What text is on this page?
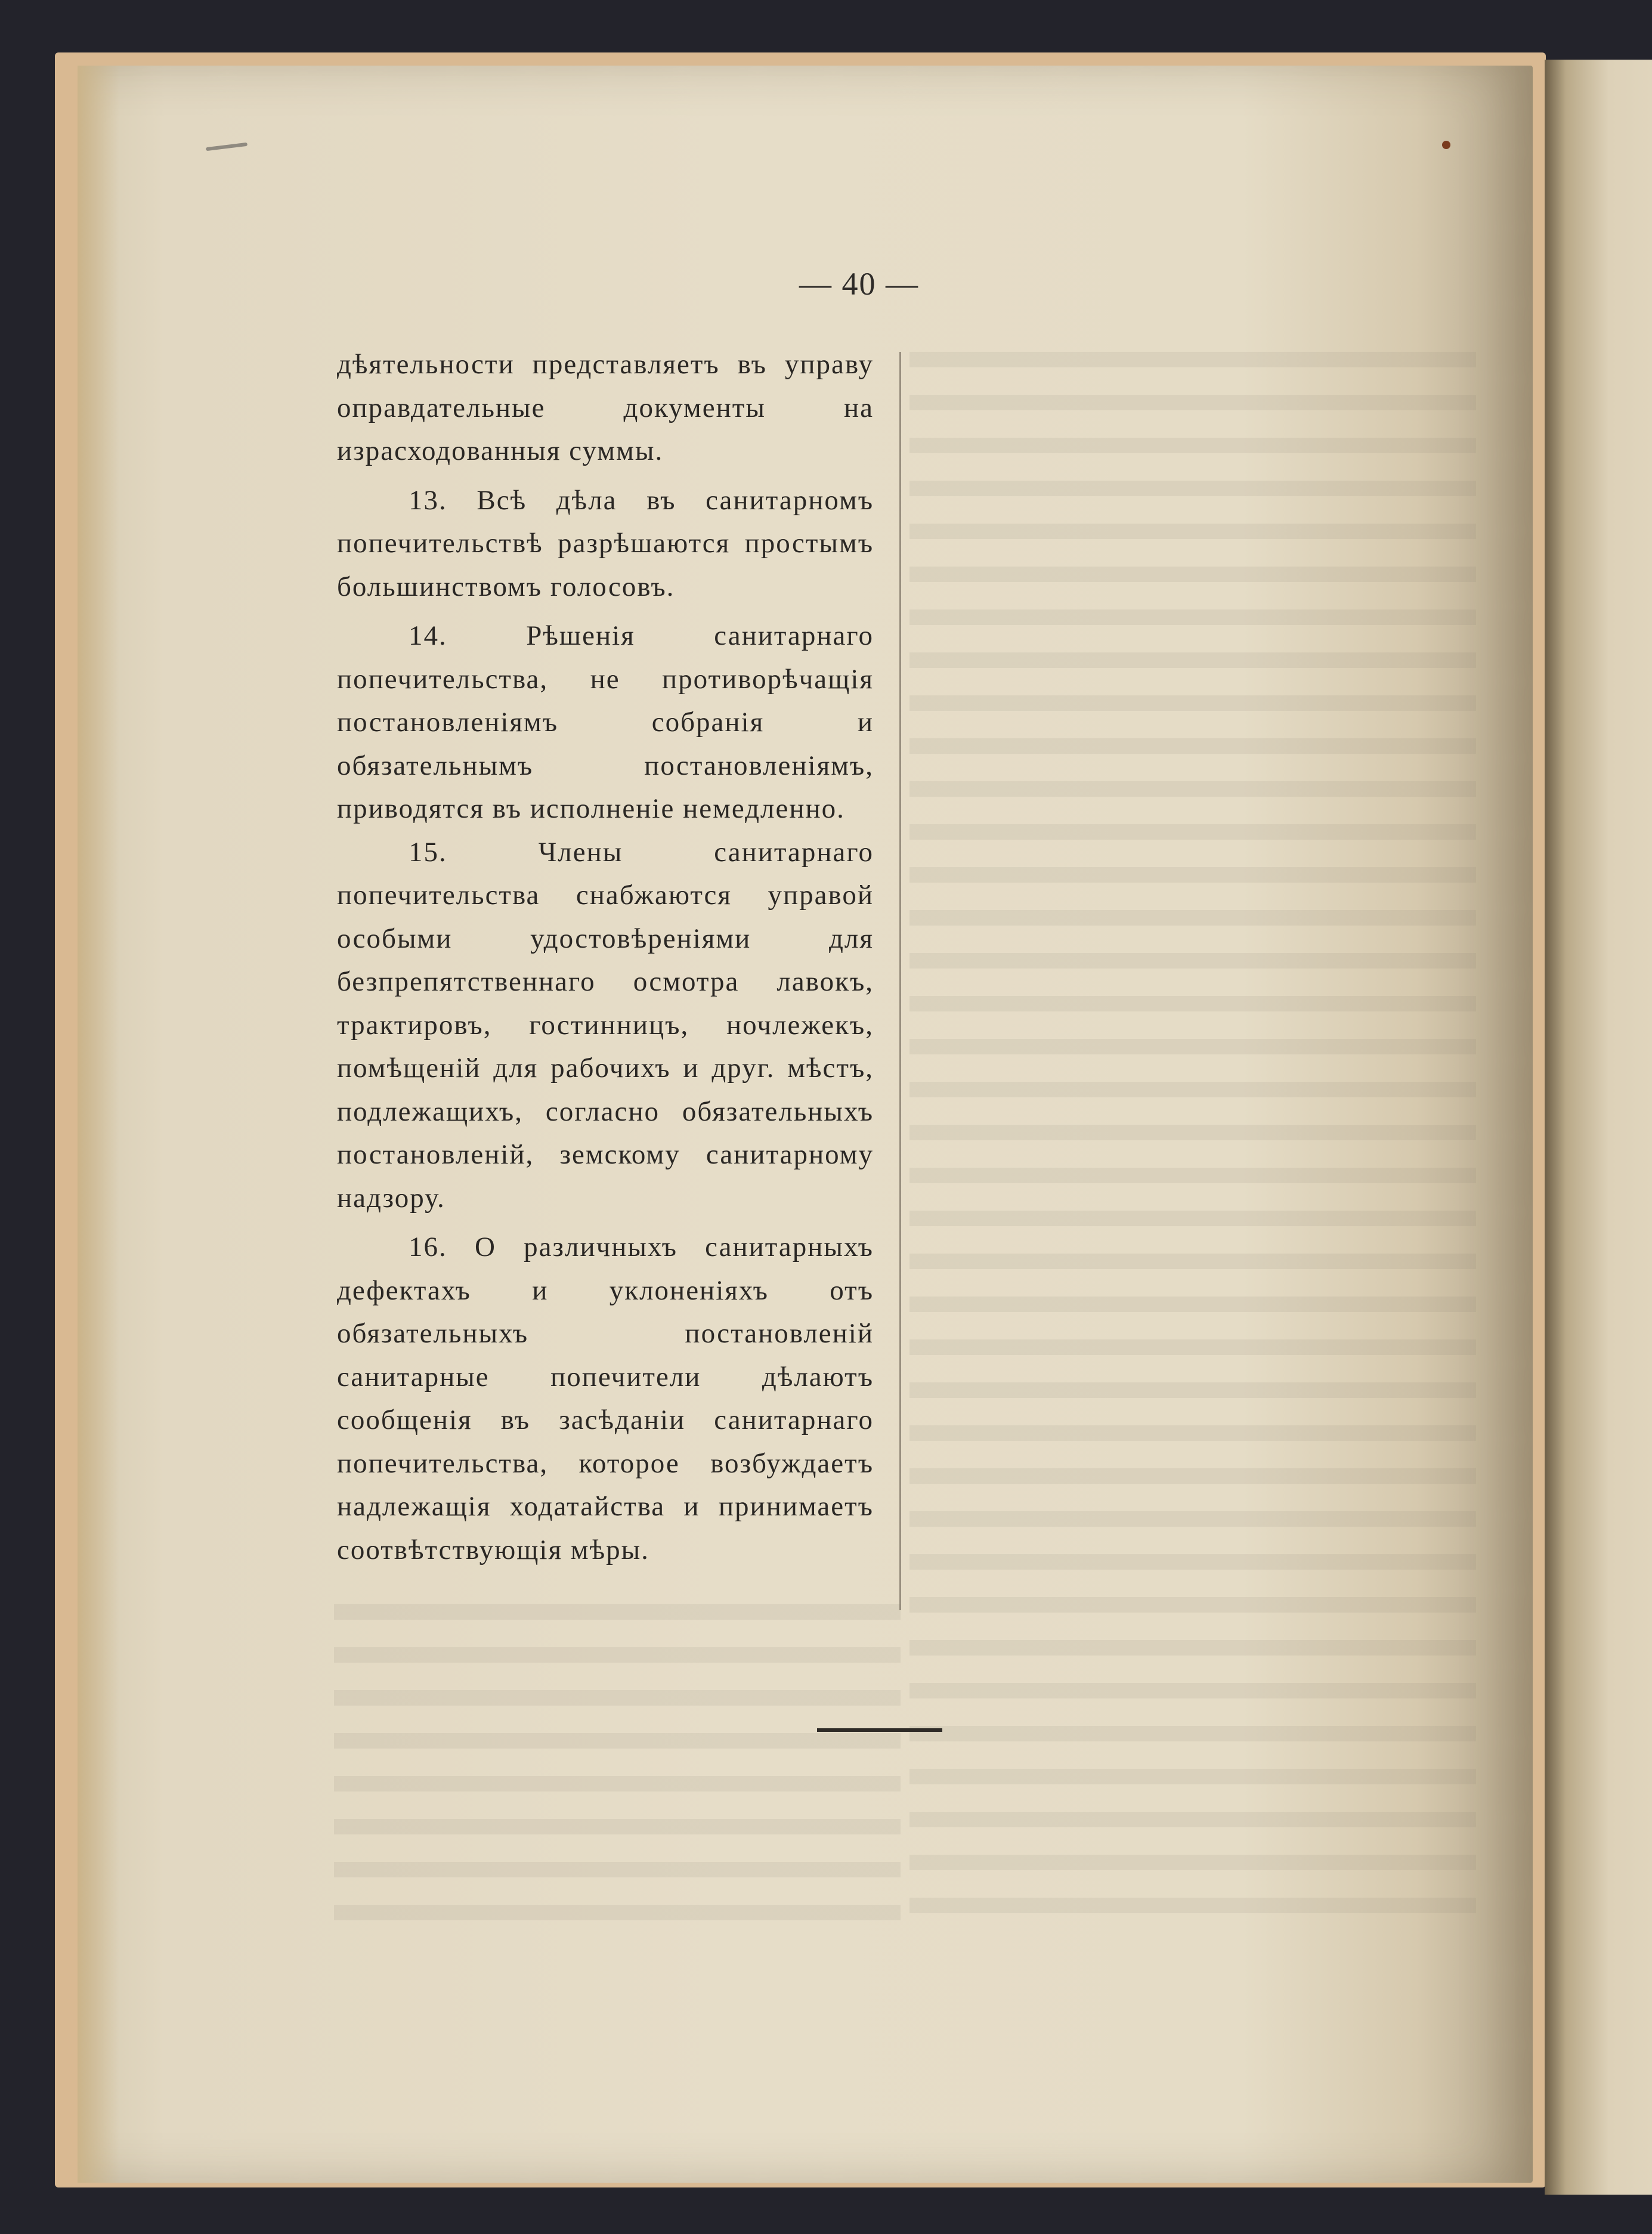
— 40 —

дѣятельности представляетъ въ управу оправдательные документы на израсходованныя суммы.

13. Всѣ дѣла въ санитарномъ попечительствѣ разрѣшаются простымъ большинствомъ голосовъ.

14. Рѣшенія санитарнаго попечительства, не противорѣчащія постановленіямъ собранія и обязательнымъ постановленіямъ, приводятся въ исполненіе немедленно.

15. Члены санитарнаго попечительства снабжаются управой особыми удостовѣреніями для безпрепятственнаго осмотра лавокъ, трактировъ, гостинницъ, ночлежекъ, помѣщеній для рабочихъ и друг. мѣстъ, подлежащихъ, согласно обязательныхъ постановленій, земскому санитарному надзору.

16. О различныхъ санитарныхъ дефектахъ и уклоненіяхъ отъ обязательныхъ постановленій санитарные попечители дѣлаютъ сообщенія въ засѣданіи санитарнаго попечительства, которое возбуждаетъ надлежащія ходатайства и принимаетъ соотвѣтствующія мѣры.
